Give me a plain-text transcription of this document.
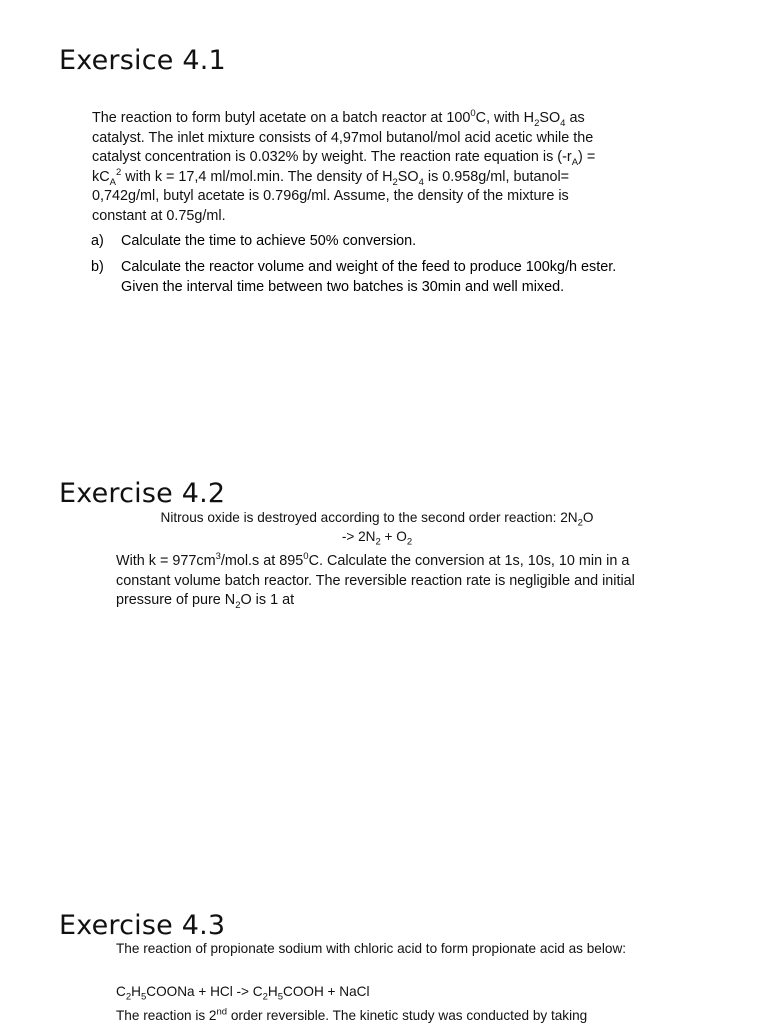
Exersice 4.1

The reaction to form butyl acetate on a batch reactor at $100^0C$, with $H_2SO_4$ as catalyst. The inlet mixture consists of 4,97mol butanol/mol acid acetic while the catalyst concentration is 0.032% by weight. The reaction rate equation is $(-r_A) = kC_A^2$ with k = 17,4 ml/mol.min. The density of $H_2SO_4$ is 0.958g/ml, butanol= 0,742g/ml, butyl acetate is 0.796g/ml. Assume, the density of the mixture is constant at 0.75g/ml.

a) Calculate the time to achieve 50% conversion.
b) Calculate the reactor volume and weight of the feed to produce 100kg/h ester. Given the interval time between two batches is 30min and well mixed.
Exercise 4.2

Nitrous oxide is destroyed according to the second order reaction: $2N_2O$
-> $2N_2 + O_2$

With $k = 977cm^3/mol.s$ at $895^0C$. Calculate the conversion at 1s, 10s, 10 min in a constant volume batch reactor. The reversible reaction rate is negligible and initial pressure of pure $N_2O$ is 1 at

Exercise 4.3

The reaction of propionate sodium with chloric acid to form propionate acid as below:

$C_2H_5COONa$ + HCl -> $C_2H_5COOH$ + NaCl

The reaction is 2nd order reversible. The kinetic study was conducted by taking
